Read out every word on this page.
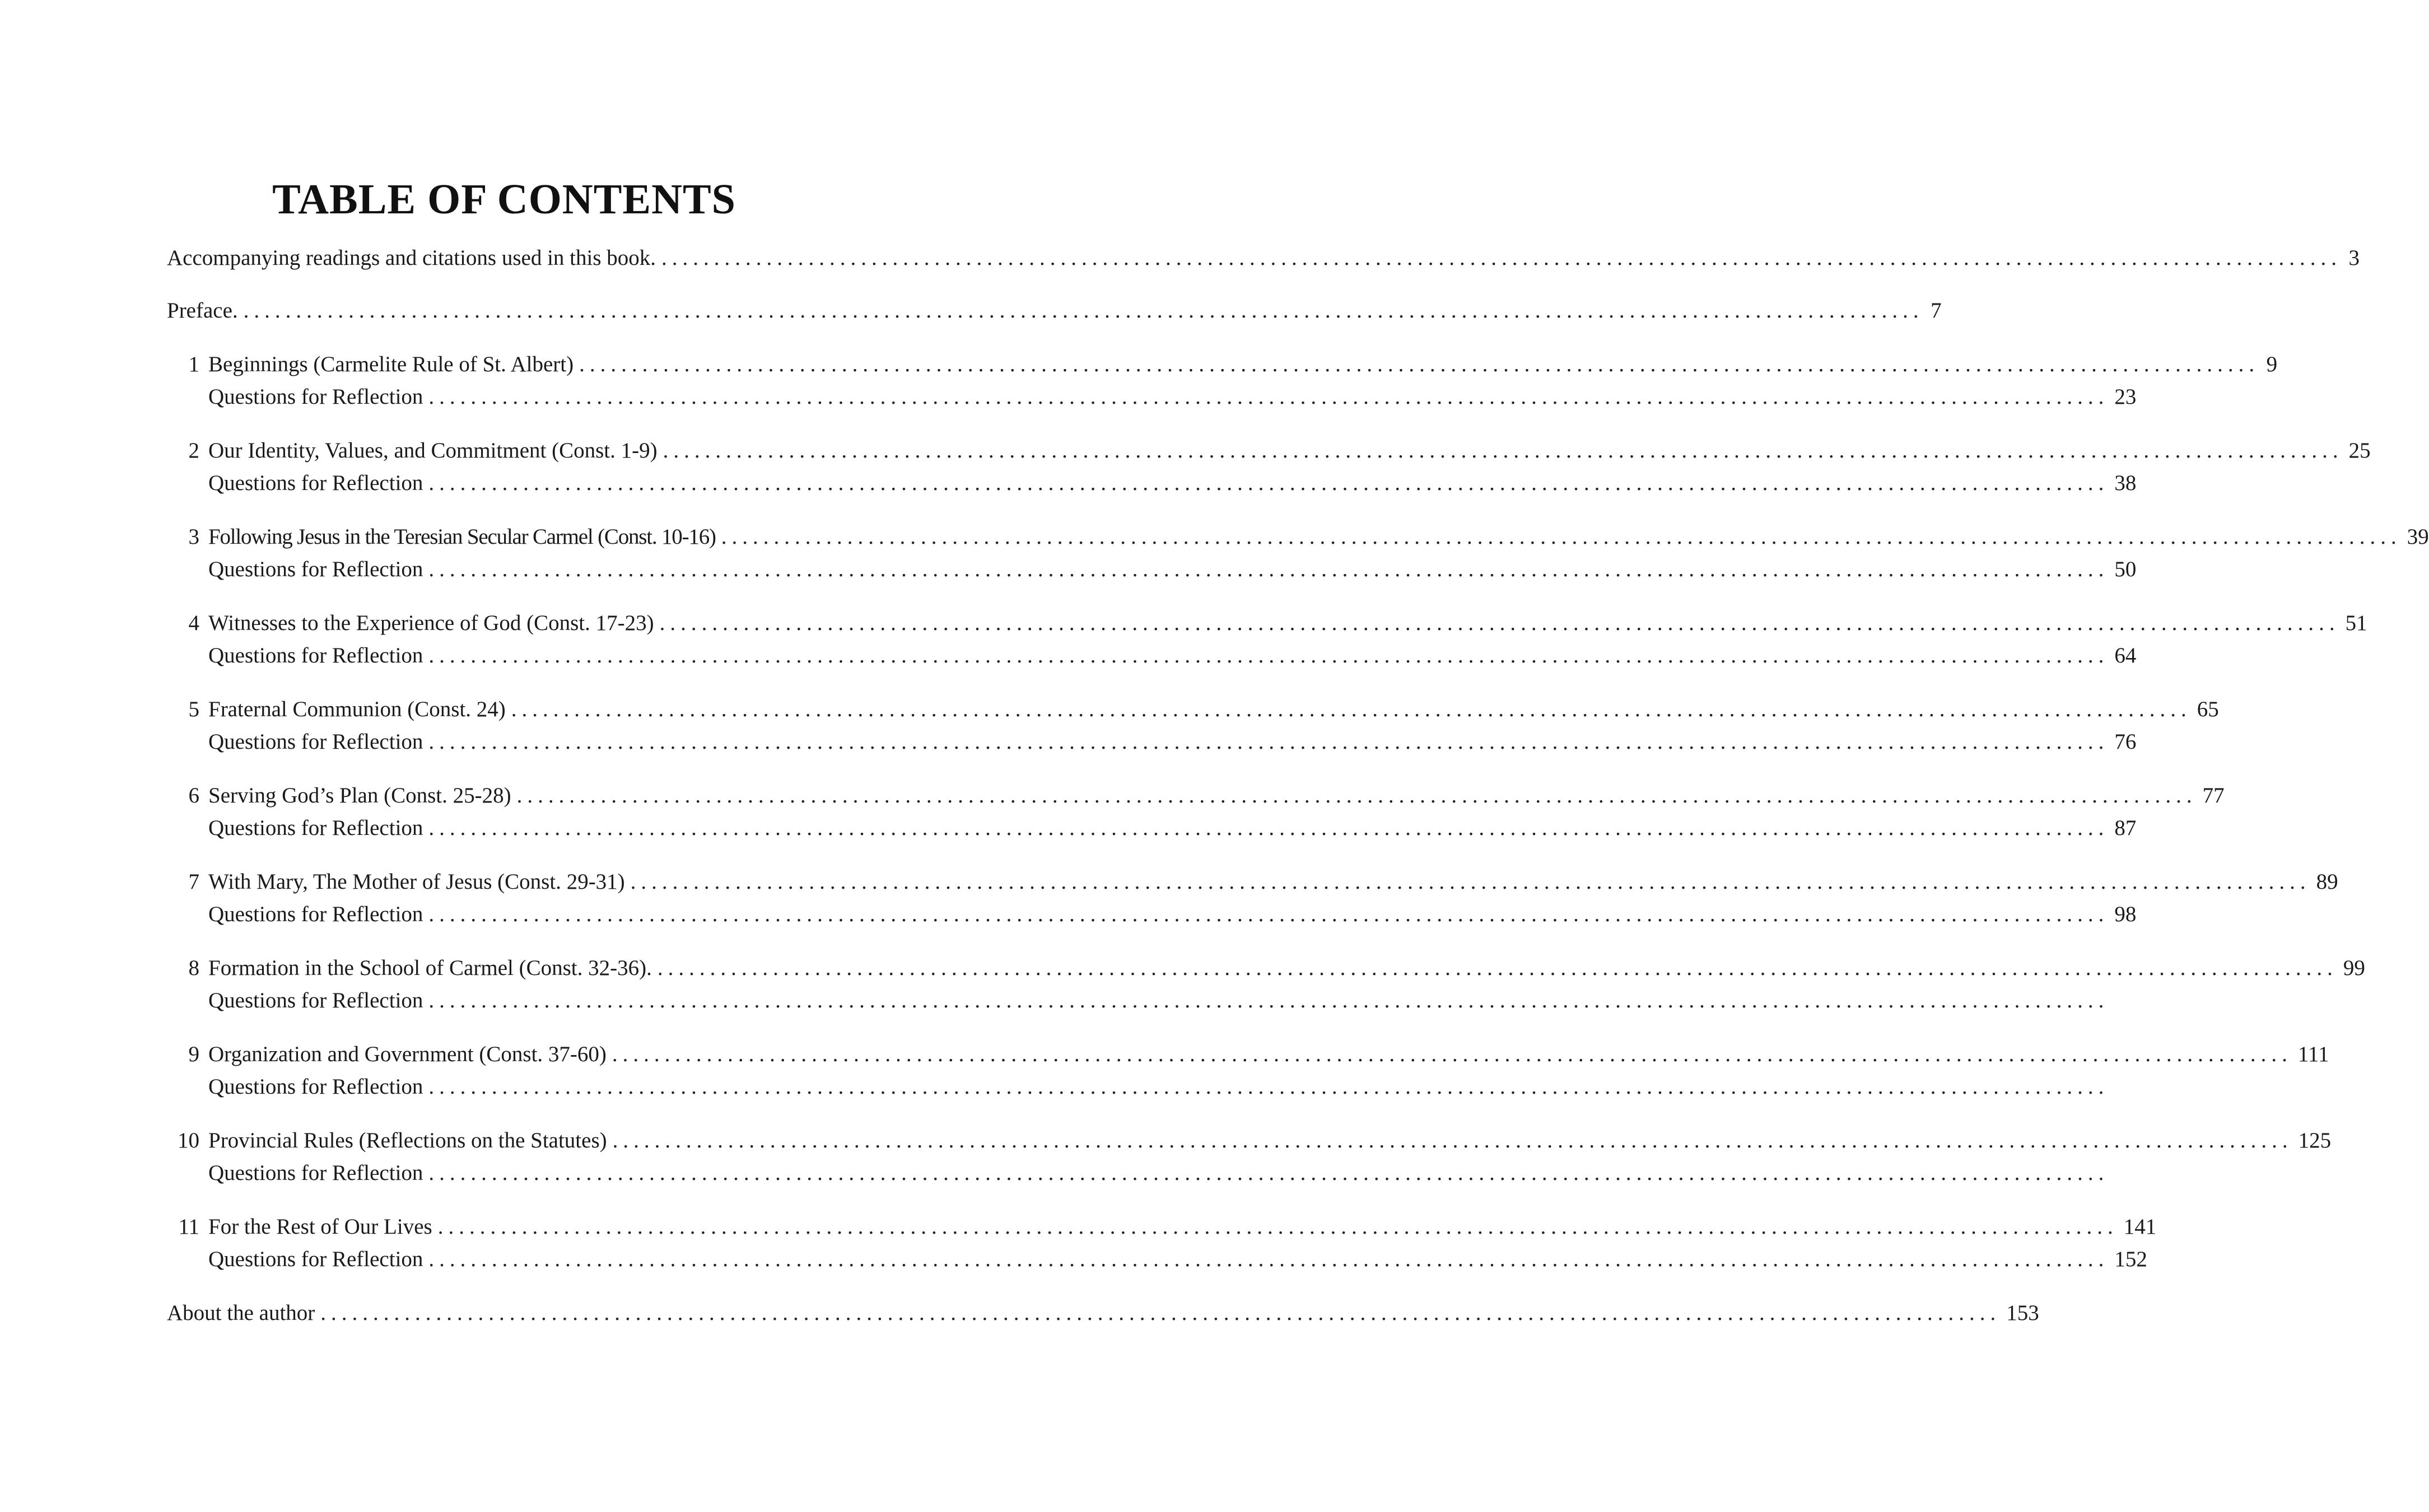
TABLE OF CONTENTS
Accompanying readings and citations used in this book. ................................................................................................................................................................ 3
Preface. ................................................................................................................................................................ 7
1 Beginnings (Carmelite Rule of St. Albert) ................................................................................................................................................................ 9
Questions for Reflection ................................................................................................................................................................ 23
2 Our Identity, Values, and Commitment (Const. 1-9) ................................................................................................................................................................ 25
Questions for Reflection ................................................................................................................................................................ 38
3 Following Jesus in the Teresian Secular Carmel (Const. 10-16) ................................................................................................................................................................ 39
Questions for Reflection ................................................................................................................................................................ 50
4 Witnesses to the Experience of God (Const. 17-23) ................................................................................................................................................................ 51
Questions for Reflection ................................................................................................................................................................ 64
5 Fraternal Communion (Const. 24) ................................................................................................................................................................ 65
Questions for Reflection ................................................................................................................................................................ 76
6 Serving God’s Plan (Const. 25-28) ................................................................................................................................................................ 77
Questions for Reflection ................................................................................................................................................................ 87
7 With Mary, The Mother of Jesus (Const. 29-31) ................................................................................................................................................................ 89
Questions for Reflection ................................................................................................................................................................ 98
8 Formation in the School of Carmel (Const. 32-36). ................................................................................................................................................................ 99
Questions for Reflection ................................................................................................................................................................
9 Organization and Government (Const. 37-60) ................................................................................................................................................................ 111
Questions for Reflection ................................................................................................................................................................
10 Provincial Rules (Reflections on the Statutes) ................................................................................................................................................................ 125
Questions for Reflection ................................................................................................................................................................
11 For the Rest of Our Lives ................................................................................................................................................................ 141
Questions for Reflection ................................................................................................................................................................ 152
About the author ................................................................................................................................................................ 153
